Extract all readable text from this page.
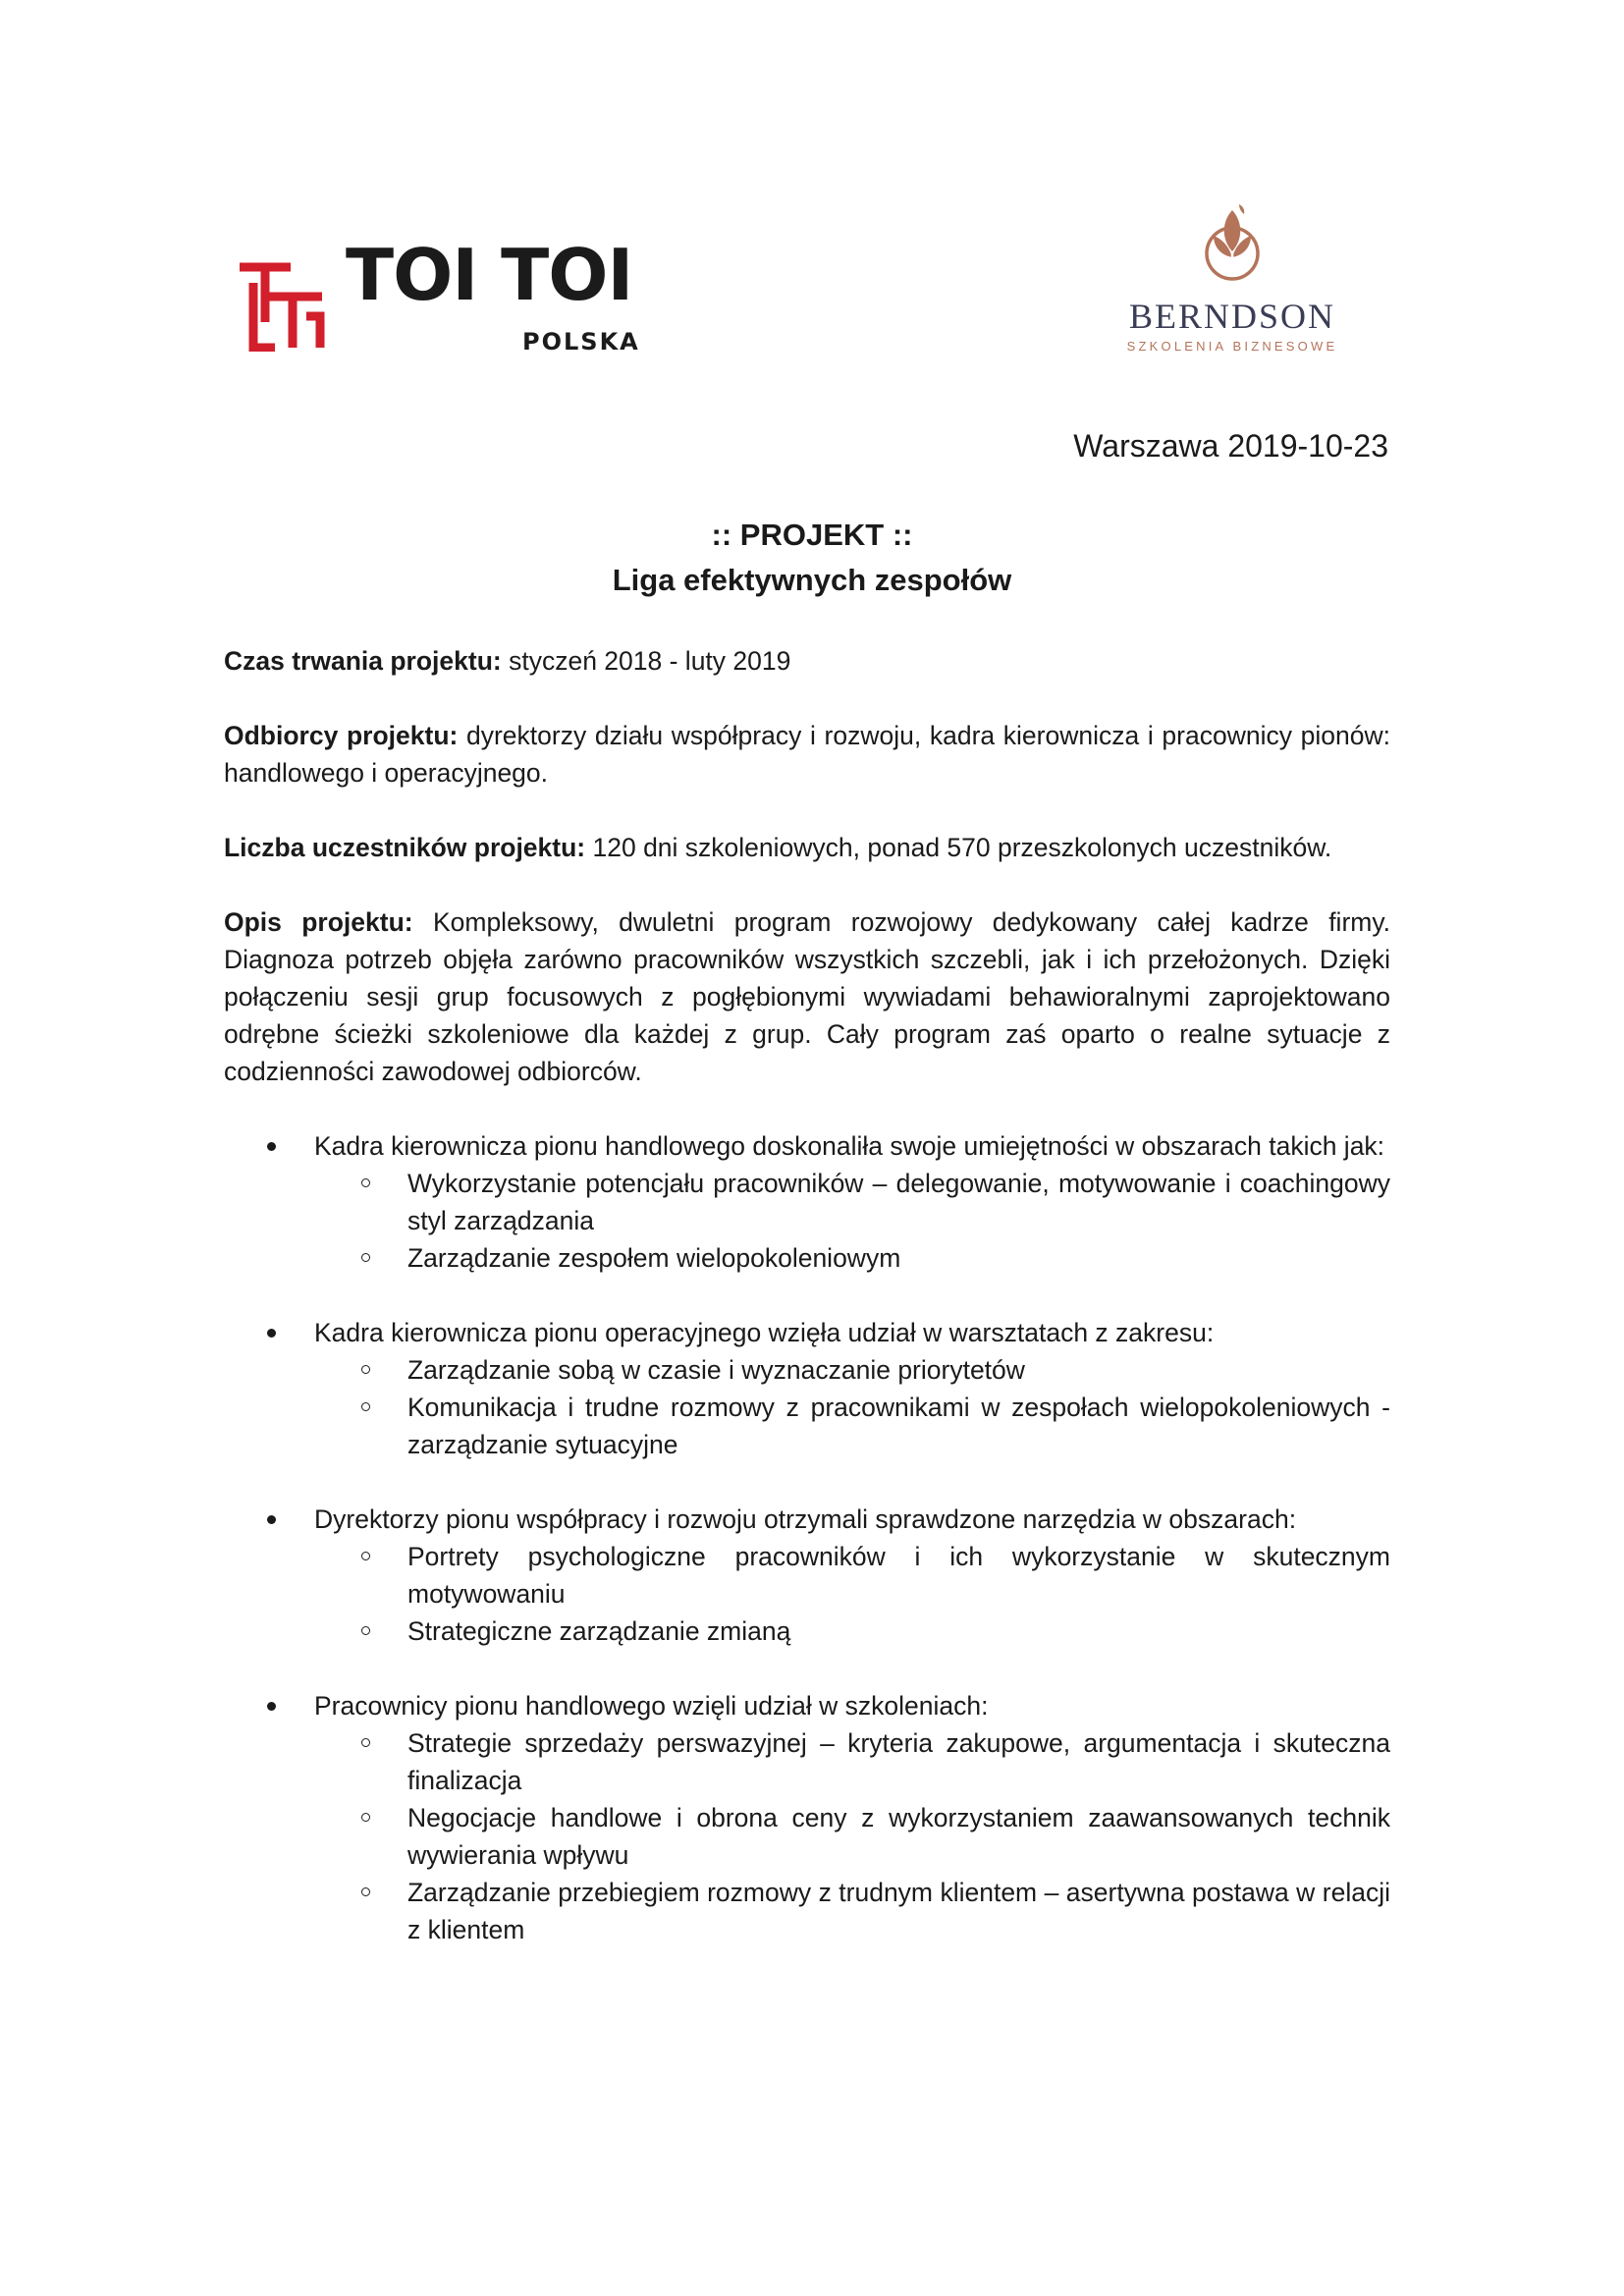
TOI TOI
POLSKA
BERNDSON
SZKOLENIA BIZNESOWE
Warszawa 2019-10-23
:: PROJEKT ::
Liga efektywnych zespołów

Czas trwania projektu: styczeń 2018 - luty 2019

Odbiorcy projektu: dyrektorzy działu współpracy i rozwoju, kadra kierownicza i pracownicy pionów: handlowego i operacyjnego.

Liczba uczestników projektu: 120 dni szkoleniowych, ponad 570 przeszkolonych uczestników.

Opis projektu: Kompleksowy, dwuletni program rozwojowy dedykowany całej kadrze firmy. Diagnoza potrzeb objęła zarówno pracowników wszystkich szczebli, jak i ich przełożonych. Dzięki połączeniu sesji grup focusowych z pogłębionymi wywiadami behawioralnymi zaprojektowano odrębne ścieżki szkoleniowe dla każdej z grup. Cały program zaś oparto o realne sytuacje z codzienności zawodowej odbiorców.

Kadra kierownicza pionu handlowego doskonaliła swoje umiejętności w obszarach takich jak:
Wykorzystanie potencjału pracowników – delegowanie, motywowanie i coachingowy styl zarządzania
Zarządzanie zespołem wielopokoleniowym
Kadra kierownicza pionu operacyjnego wzięła udział w warsztatach z zakresu:
Zarządzanie sobą w czasie i wyznaczanie priorytetów
Komunikacja i trudne rozmowy z pracownikami w zespołach wielopokoleniowych - zarządzanie sytuacyjne
Dyrektorzy pionu współpracy i rozwoju otrzymali sprawdzone narzędzia w obszarach:
Portrety psychologiczne pracowników i ich wykorzystanie w skutecznym motywowaniu
Strategiczne zarządzanie zmianą
Pracownicy pionu handlowego wzięli udział w szkoleniach:
Strategie sprzedaży perswazyjnej – kryteria zakupowe, argumentacja i skuteczna finalizacja
Negocjacje handlowe i obrona ceny z wykorzystaniem zaawansowanych technik wywierania wpływu
Zarządzanie przebiegiem rozmowy z trudnym klientem – asertywna postawa w relacji z klientem
